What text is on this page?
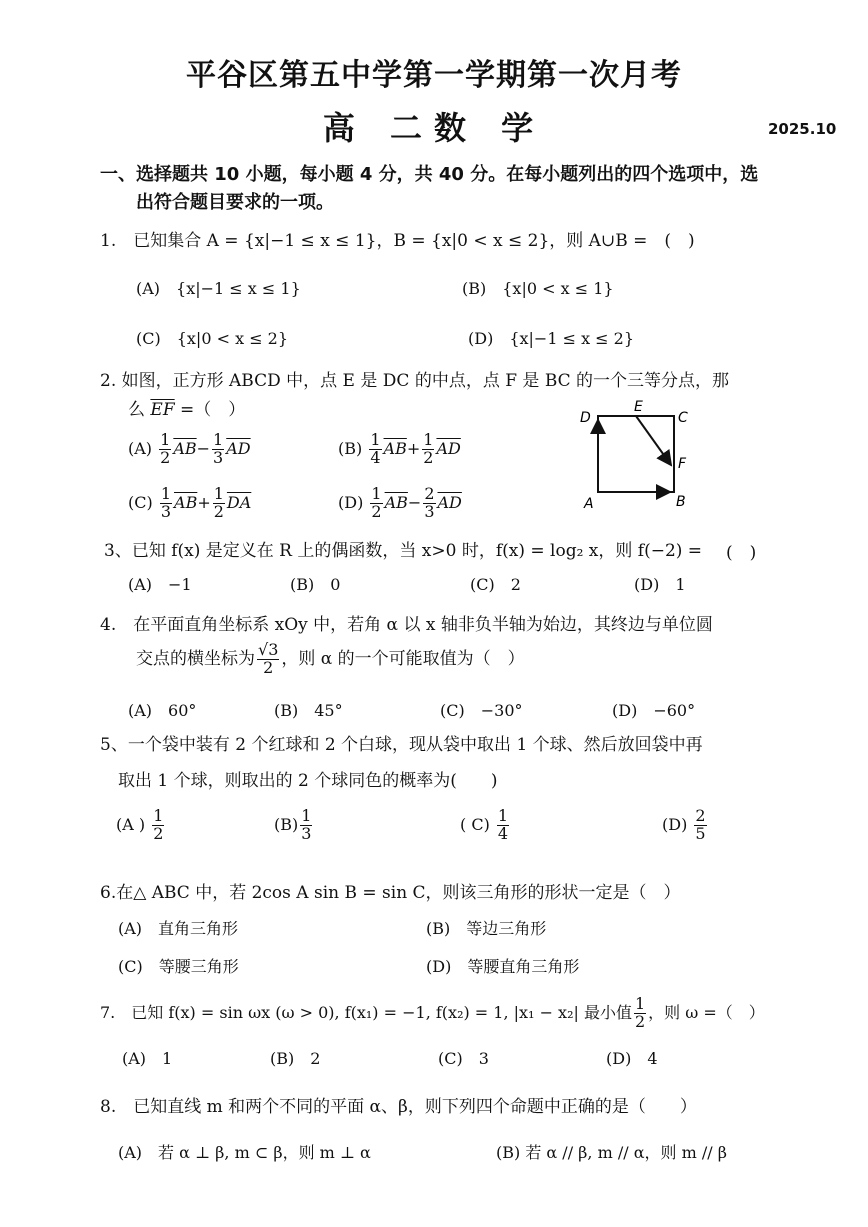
平谷区第五中学第一学期第一次月考
高 二数 学	2025.10
一、选择题共 10 小题，每小题 4 分，共 40 分。在每小题列出的四个选项中，选
出符合题目要求的一项。
1.　已知集合 A = {x|−1 ≤ x ≤ 1}，B = {x|0 < x ≤ 2}，则 A∪B =　(　)
(A)　{x|−1 ≤ x ≤ 1}	(B)　{x|0 < x ≤ 1}
(C)　{x|0 < x ≤ 2}	(D)　{x|−1 ≤ x ≤ 2}
2. 如图，正方形 ABCD 中，点 E 是 DC 的中点，点 F 是 BC 的一个三等分点，那
么 $\overline{EF}$ =（　）
$(A) \frac{1}{2} \overline{AB}- \frac{1}{3} \overline{AD}$	$(B) \frac{1}{4} \overline{AB}+ \frac{1}{2} \overline{AD}$
$(C) \frac{1}{3} \overline{AB}+ \frac{1}{2} \overline{DA}$	$(D) \frac{1}{2} \overline{AB}- \frac{2}{3} \overline{AD}$
D
E
C
F
A	B
3、已知 f(x) 是定义在 R 上的偶函数，当 x>0 时，f(x) = log₂ x，则 f(−2) = (　)
(A)　−1	(B)　0	(C)　2	(D)　1
4.　在平面直角坐标系 xOy 中，若角 α 以 x 轴非负半轴为始边，其终边与单位圆
交点的横坐标为 $\frac{√3}{2}$ ，则 α 的一个可能取值为（　）
(A)　60°	(B)　45°	(C)　−30°	(D)　−60°
5、一个袋中装有 2 个红球和 2 个白球，现从袋中取出 1 个球、然后放回袋中再
取出 1 个球，则取出的 2 个球同色的概率为(　　)
(A ) $\frac{1}{2}$	$(B) \frac{1}{3}$	( $C) \frac{1}{4}$	$(D) \frac{2}{5}$
6.在△ ABC 中，若 2cos A sin B = sin C，则该三角形的形状一定是（　）
(A)　直角三角形	(B)　等边三角形
(C)　等腰三角形	(D)　等腰直角三角形
7.　已知 f(x) = sin ωx (ω > 0), f(x₁) = −1, f(x₂) = 1, |x₁ − x₂| 最小值 $\frac{1}{2}$ ，则 ω =（　）
(A)　1	(B)　2	(C)　3	(D)　4
8.　已知直线 m 和两个不同的平面 α、β，则下列四个命题中正确的是（　　）
(A)　若 α ⊥ β, m ⊂ β，则 m ⊥ α	(B) 若 α // β, m // α，则 m // β
